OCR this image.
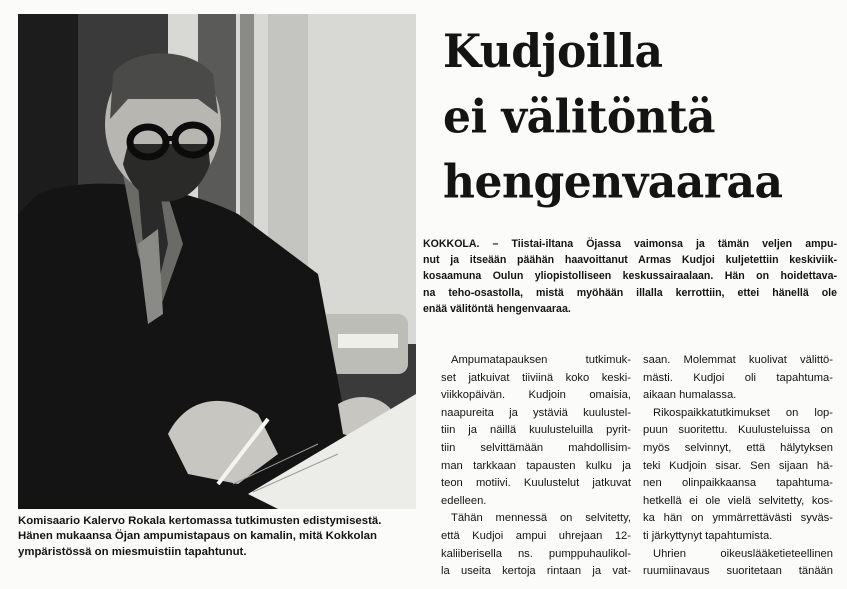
Komisaario Kalervo Rokala kertomassa tutkimusten edistymisestä.

Hänen mukaansa Öjan ampumistapaus on kamalin, mitä Kokkolan

ympäristössä on miesmuistiin tapahtunut.

Kudjoilla
ei välitöntä
hengenvaaraa

KOKKOLA. – Tiistai-iltana Öjassa vaimonsa ja tämän veljen ampu-

nut ja itseään päähän haavoittanut Armas Kudjoi kuljetettiin keskiviik-

kosaamuna Oulun yliopistolliseen keskussairaalaan. Hän on hoidettava-

na teho-osastolla, mistä myöhään illalla kerrottiin, ettei hänellä ole

enää välitöntä hengenvaaraa.

Ampumatapauksen tutkimuk-

set jatkuivat tiiviinä koko keski-

viikkopäivän. Kudjoin omaisia,

naapureita ja ystäviä kuulustel-

tiin ja näillä kuulusteluilla pyrit-

tiin selvittämään mahdollisim-

man tarkkaan tapausten kulku ja

teon motiivi. Kuulustelut jatkuvat

edelleen.

Tähän mennessä on selvitetty,

että Kudjoi ampui uhrejaan 12-

kaliiberisella ns. pumppuhaulikol-

la useita kertoja rintaan ja vat-

saan. Molemmat kuolivat välittö-

mästi. Kudjoi oli tapahtuma-

aikaan humalassa.

Rikospaikkatutkimukset on lop-

puun suoritettu. Kuulusteluissa on

myös selvinnyt, että hälytyksen

teki Kudjoin sisar. Sen sijaan hä-

nen olinpaikkaansa tapahtuma-

hetkellä ei ole vielä selvitetty, kos-

ka hän on ymmärrettävästi syväs-

ti järkyttynyt tapahtumista.

Uhrien oikeuslääketieteellinen

ruumiinavaus suoritetaan tänään
